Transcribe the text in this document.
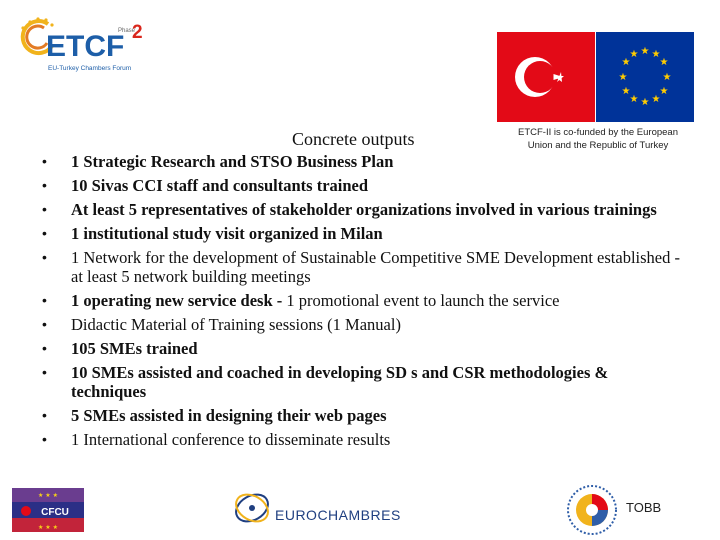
ETCF
Phase
2
EU-Turkey Chambers Forum
★ ★
★
★
★
★
★
★
★
★
★
★
ETCF-II is co-funded by the European Union and the Republic of Turkey
Concrete outputs
• 1 Strategic Research and STSO Business Plan
• 10 Sivas CCI staff and consultants trained
• At least 5 representatives of stakeholder organizations involved in various trainings
• 1 institutional study visit organized in Milan
• 1 Network for the development of Sustainable Competitive SME Development established - at least 5 network building meetings
• 1 operating new service desk - 1 promotional event to launch the service
• Didactic Material of Training sessions (1 Manual)
• 105 SMEs trained
• 10 SMEs assisted and coached in developing SD s and CSR methodologies & techniques
• 5 SMEs assisted in designing their web pages
• 1 International conference to disseminate results
★ ★ ★
★ ★ ★
CFCU	EUROCHAMBRES	TOBB
